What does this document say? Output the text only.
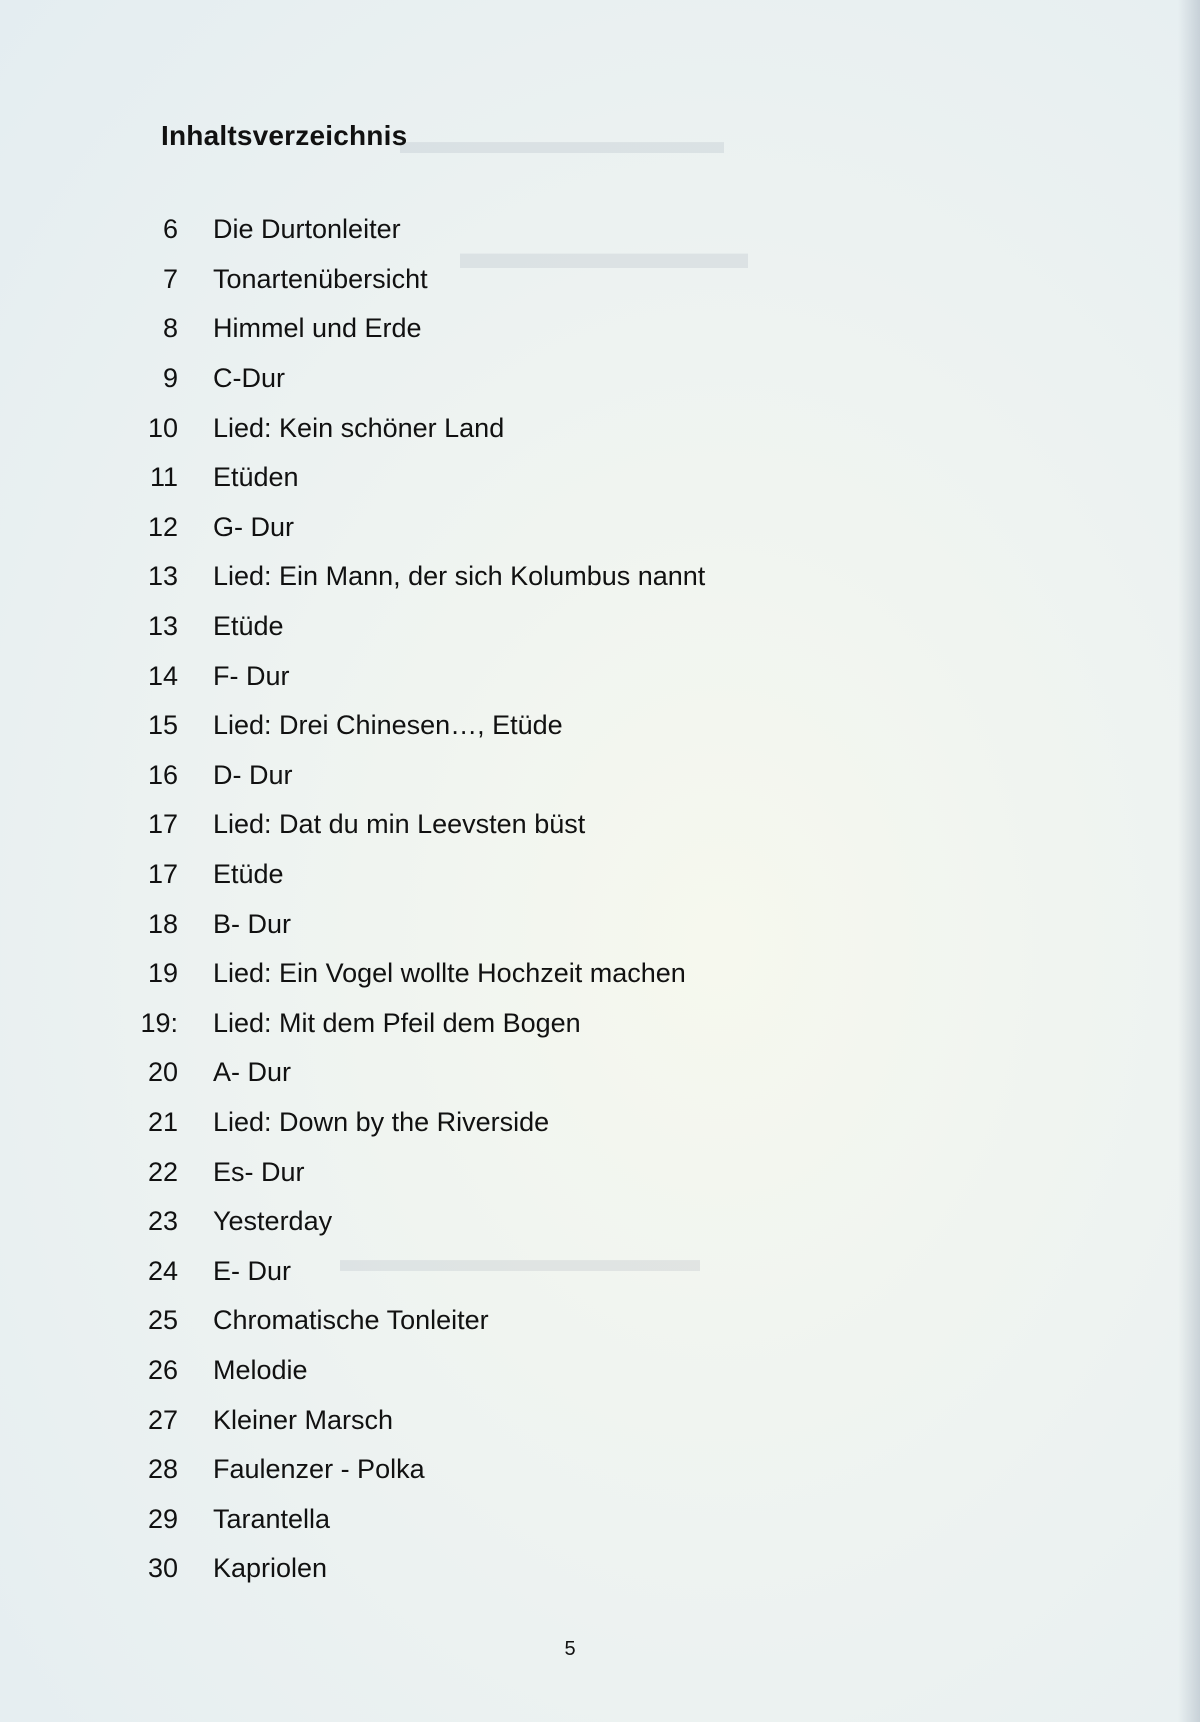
▬▬▬▬▬▬▬▬▬
▬▬▬▬▬▬
▬▬▬▬▬▬▬▬▬▬
Inhaltsverzeichnis
6 Die Durtonleiter
7 Tonartenübersicht
8 Himmel und Erde
9 C-Dur
10 Lied: Kein schöner Land
11 Etüden
12 G- Dur
13 Lied: Ein Mann, der sich Kolumbus nannt
13 Etüde
14 F- Dur
15 Lied: Drei Chinesen…, Etüde
16 D- Dur
17 Lied: Dat du min Leevsten büst
17 Etüde
18 B- Dur
19 Lied: Ein Vogel wollte Hochzeit machen
19: Lied: Mit dem Pfeil dem Bogen
20 A- Dur
21 Lied: Down by the Riverside
22 Es- Dur
23 Yesterday
24 E- Dur
25 Chromatische Tonleiter
26 Melodie
27 Kleiner Marsch
28 Faulenzer - Polka
29 Tarantella
30 Kapriolen
5
